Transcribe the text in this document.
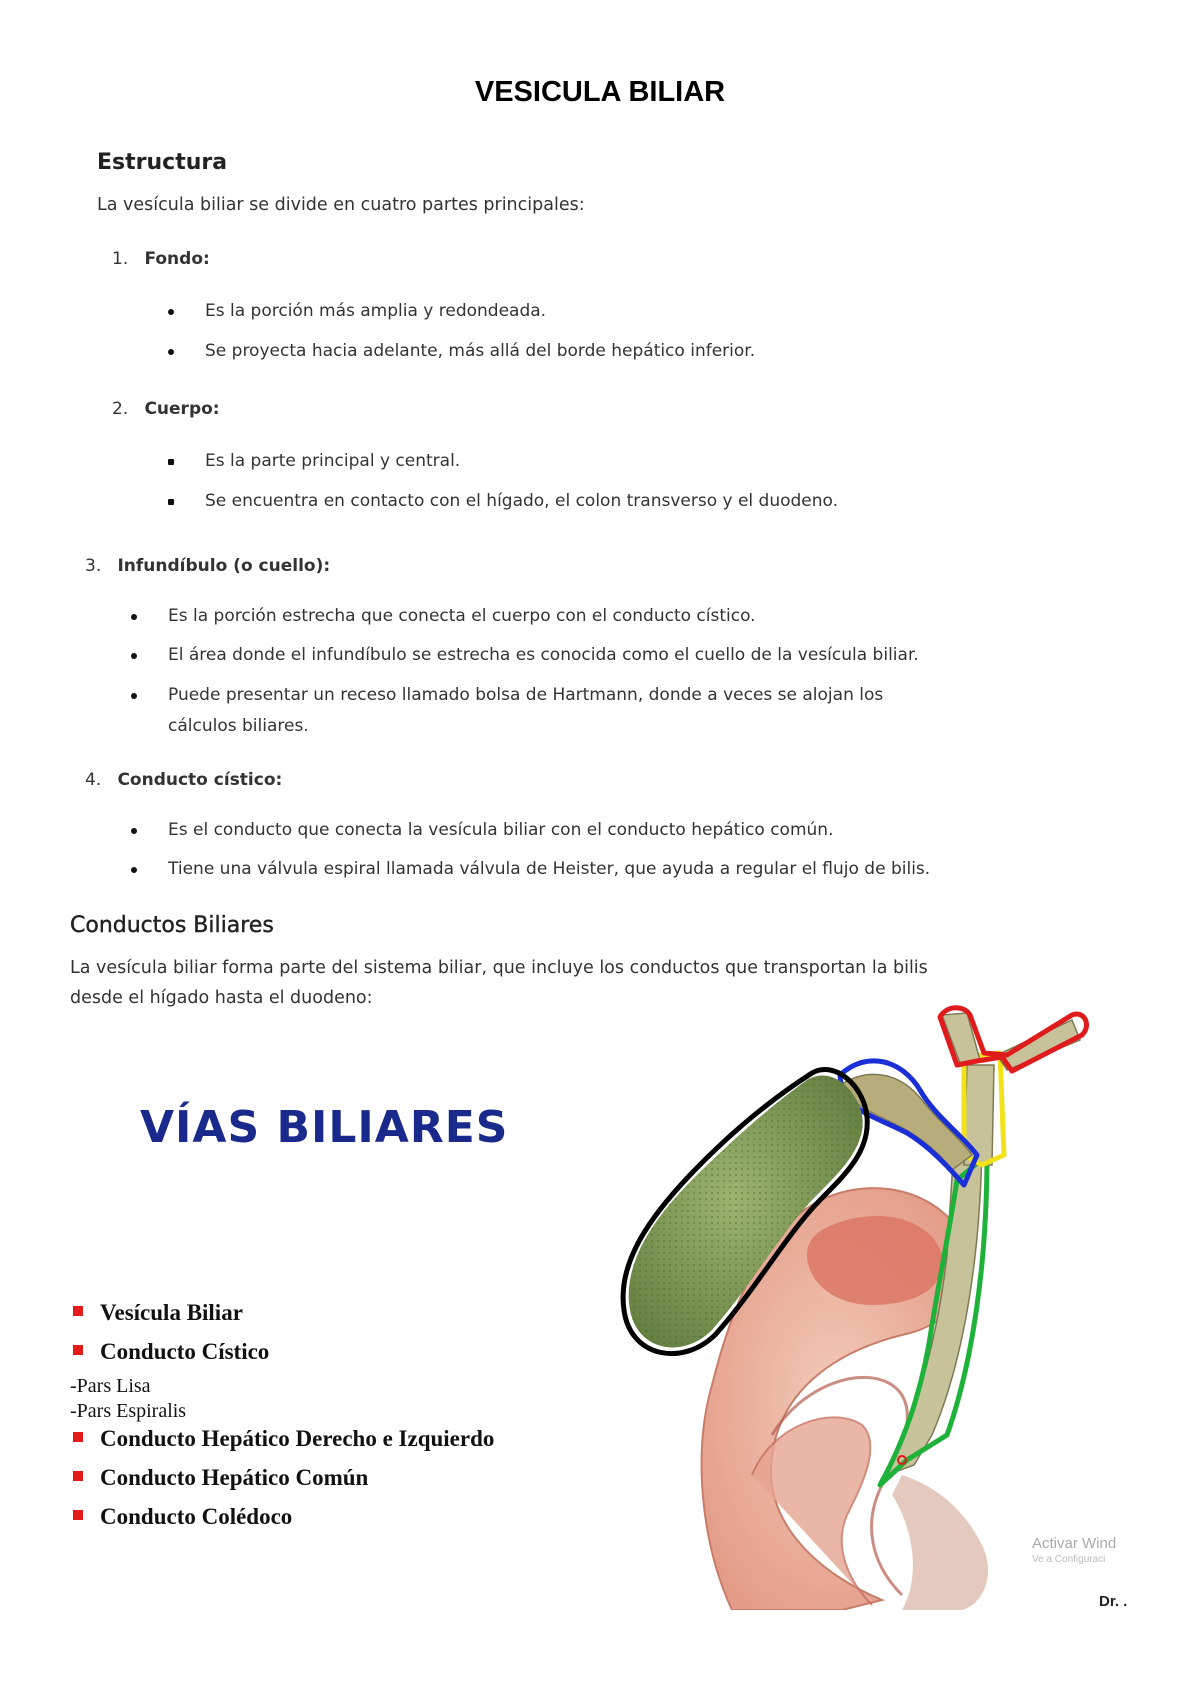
VESICULA BILIAR
Estructura
La vesícula biliar se divide en cuatro partes principales:
1. Fondo:
Es la porción más amplia y redondeada.
Se proyecta hacia adelante, más allá del borde hepático inferior.
2. Cuerpo:
Es la parte principal y central.
Se encuentra en contacto con el hígado, el colon transverso y el duodeno.
3. Infundíbulo (o cuello):
Es la porción estrecha que conecta el cuerpo con el conducto cístico.
El área donde el infundíbulo se estrecha es conocida como el cuello de la vesícula biliar.
Puede presentar un receso llamado bolsa de Hartmann, donde a veces se alojan los
cálculos biliares.
4. Conducto cístico:
Es el conducto que conecta la vesícula biliar con el conducto hepático común.
Tiene una válvula espiral llamada válvula de Heister, que ayuda a regular el flujo de bilis.
Conductos Biliares
La vesícula biliar forma parte del sistema biliar, que incluye los conductos que transportan la bilis
desde el hígado hasta el duodeno:
VÍAS BILIARES
Vesícula Biliar
Conducto Cístico
-Pars Lisa
-Pars Espiralis
Conducto Hepático Derecho e Izquierdo
Conducto Hepático Común
Conducto Colédoco
Activar Wind
Ve a Configuraci
Dr. .
